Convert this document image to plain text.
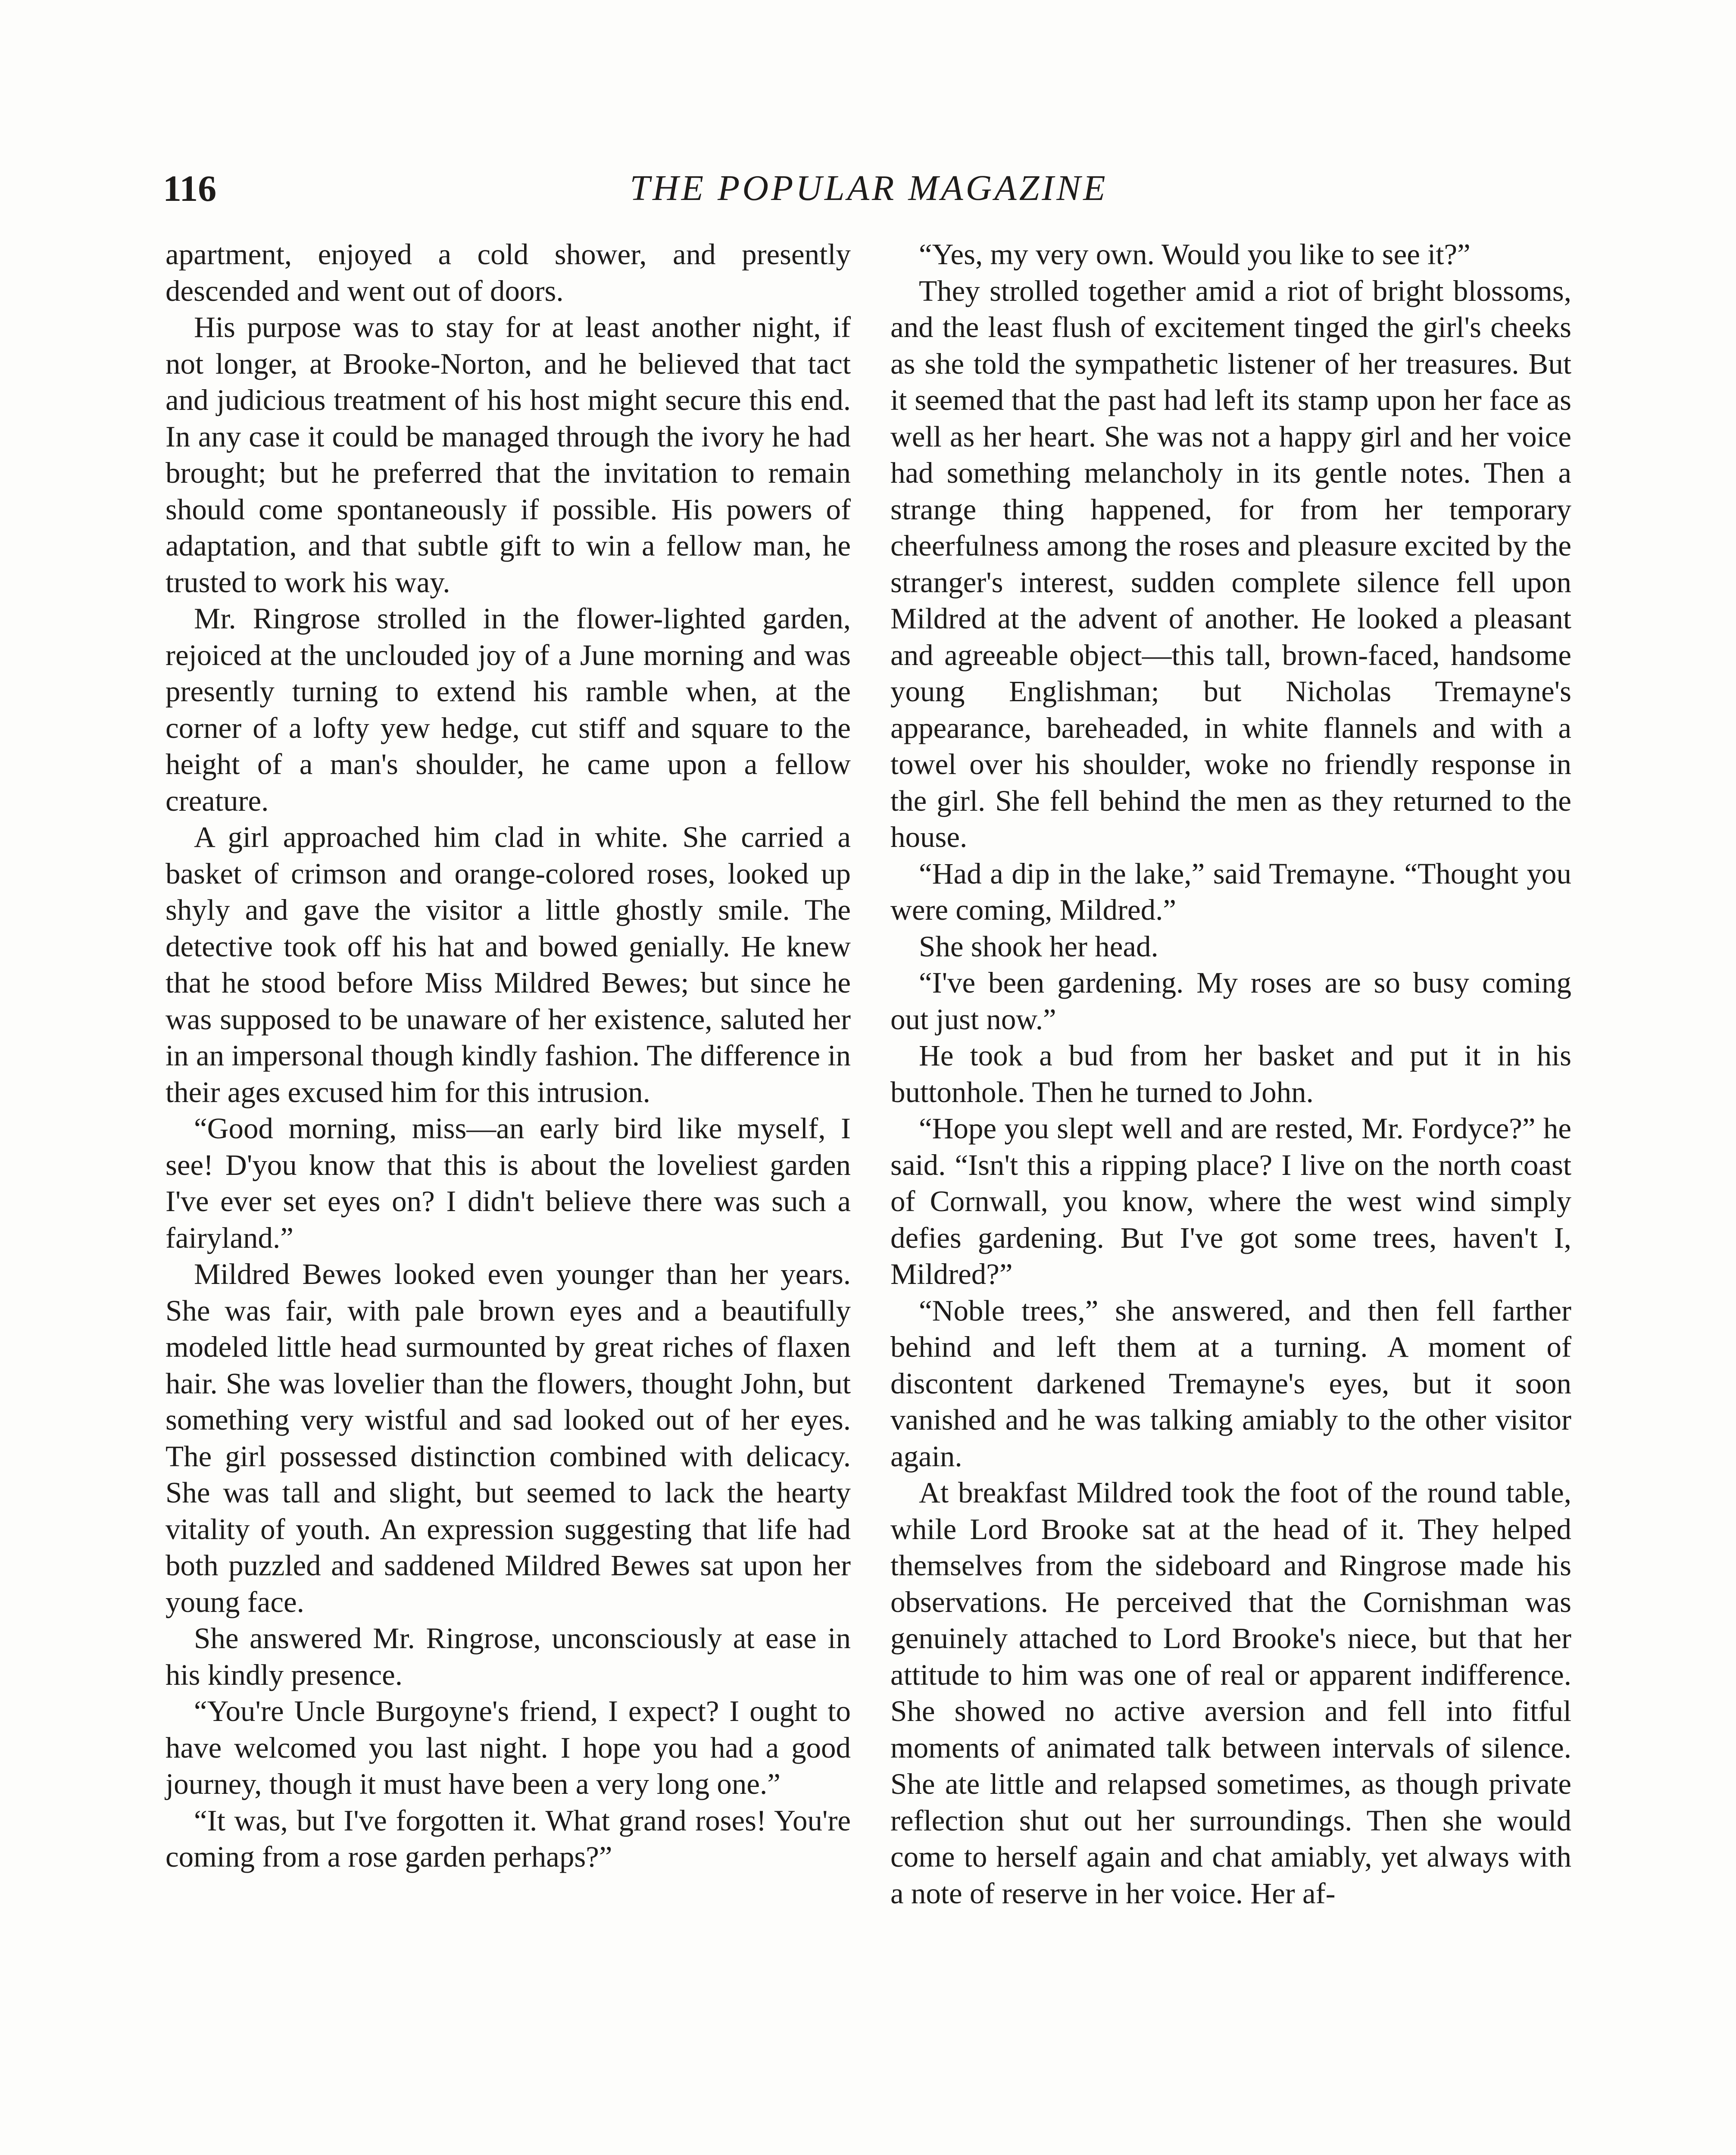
116	THE POPULAR MAGAZINE

apartment, enjoyed a cold shower, and presently descended and went out of doors.

His purpose was to stay for at least another night, if not longer, at Brooke-Norton, and he believed that tact and judicious treatment of his host might secure this end. In any case it could be managed through the ivory he had brought; but he preferred that the invitation to remain should come spontaneously if possible. His powers of adaptation, and that subtle gift to win a fellow man, he trusted to work his way.

Mr. Ringrose strolled in the flower-lighted garden, rejoiced at the unclouded joy of a June morning and was presently turning to extend his ramble when, at the corner of a lofty yew hedge, cut stiff and square to the height of a man's shoulder, he came upon a fellow creature.

A girl approached him clad in white. She carried a basket of crimson and orange-colored roses, looked up shyly and gave the visitor a little ghostly smile. The detective took off his hat and bowed genially. He knew that he stood before Miss Mildred Bewes; but since he was supposed to be unaware of her existence, saluted her in an impersonal though kindly fashion. The difference in their ages excused him for this intrusion.

“Good morning, miss—an early bird like myself, I see! D'you know that this is about the loveliest garden I've ever set eyes on? I didn't believe there was such a fairyland.”

Mildred Bewes looked even younger than her years. She was fair, with pale brown eyes and a beautifully modeled little head surmounted by great riches of flaxen hair. She was lovelier than the flowers, thought John, but something very wistful and sad looked out of her eyes. The girl possessed distinction combined with delicacy. She was tall and slight, but seemed to lack the hearty vitality of youth. An expression suggesting that life had both puzzled and saddened Mildred Bewes sat upon her young face.

She answered Mr. Ringrose, unconsciously at ease in his kindly presence.

“You're Uncle Burgoyne's friend, I expect? I ought to have welcomed you last night. I hope you had a good journey, though it must have been a very long one.”

“It was, but I've forgotten it. What grand roses! You're coming from a rose garden perhaps?”

“Yes, my very own. Would you like to see it?”

They strolled together amid a riot of bright blossoms, and the least flush of excitement tinged the girl's cheeks as she told the sympathetic listener of her treasures. But it seemed that the past had left its stamp upon her face as well as her heart. She was not a happy girl and her voice had something melancholy in its gentle notes. Then a strange thing happened, for from her temporary cheerfulness among the roses and pleasure excited by the stranger's interest, sudden complete silence fell upon Mildred at the advent of another. He looked a pleasant and agreeable object—this tall, brown-faced, handsome young Englishman; but Nicholas Tremayne's appearance, bareheaded, in white flannels and with a towel over his shoulder, woke no friendly response in the girl. She fell behind the men as they returned to the house.

“Had a dip in the lake,” said Tremayne. “Thought you were coming, Mildred.”

She shook her head.

“I've been gardening. My roses are so busy coming out just now.”

He took a bud from her basket and put it in his buttonhole. Then he turned to John.

“Hope you slept well and are rested, Mr. Fordyce?” he said. “Isn't this a ripping place? I live on the north coast of Cornwall, you know, where the west wind simply defies gardening. But I've got some trees, haven't I, Mildred?”

“Noble trees,” she answered, and then fell farther behind and left them at a turning. A moment of discontent darkened Tremayne's eyes, but it soon vanished and he was talking amiably to the other visitor again.

At breakfast Mildred took the foot of the round table, while Lord Brooke sat at the head of it. They helped themselves from the sideboard and Ringrose made his observations. He perceived that the Cornishman was genuinely attached to Lord Brooke's niece, but that her attitude to him was one of real or apparent indifference. She showed no active aversion and fell into fitful moments of animated talk between intervals of silence. She ate little and relapsed sometimes, as though private reflection shut out her surroundings. Then she would come to herself again and chat amiably, yet always with a note of reserve in her voice. Her af-
